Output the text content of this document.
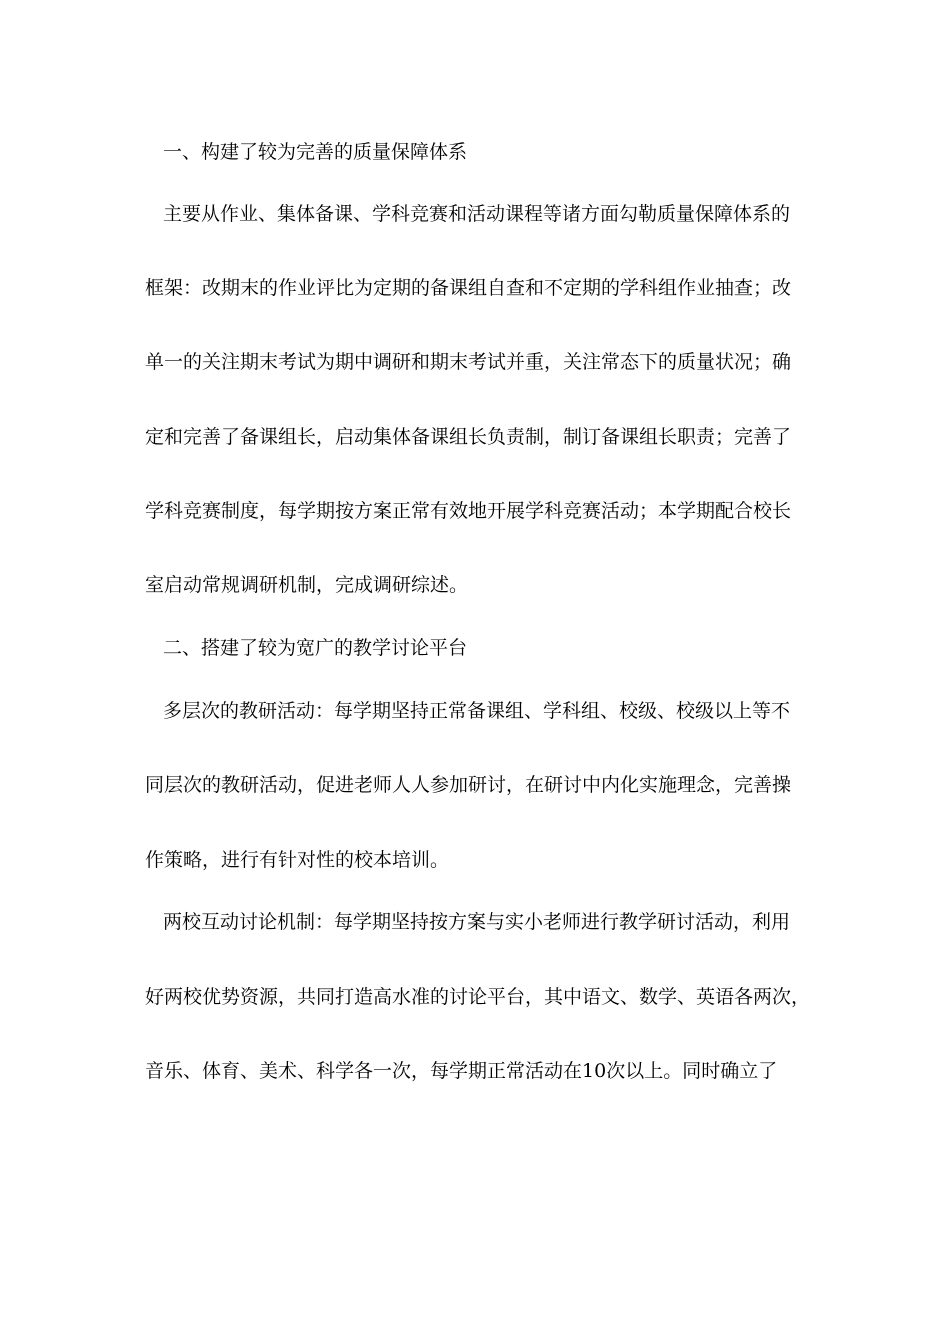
一、构建了较为完善的质量保障体系
主要从作业、集体备课、学科竞赛和活动课程等诸方面勾勒质量保障体系的
框架：改期末的作业评比为定期的备课组自查和不定期的学科组作业抽查；改
单一的关注期末考试为期中调研和期末考试并重，关注常态下的质量状况；确
定和完善了备课组长，启动集体备课组长负责制，制订备课组长职责；完善了
学科竞赛制度，每学期按方案正常有效地开展学科竞赛活动；本学期配合校长
室启动常规调研机制，完成调研综述。
二、搭建了较为宽广的教学讨论平台
多层次的教研活动：每学期坚持正常备课组、学科组、校级、校级以上等不
同层次的教研活动，促进老师人人参加研讨，在研讨中内化实施理念，完善操
作策略，进行有针对性的校本培训。
两校互动讨论机制：每学期坚持按方案与实小老师进行教学研讨活动，利用
好两校优势资源，共同打造高水准的讨论平台，其中语文、数学、英语各两次，
音乐、体育、美术、科学各一次，每学期正常活动在10次以上。同时确立了
